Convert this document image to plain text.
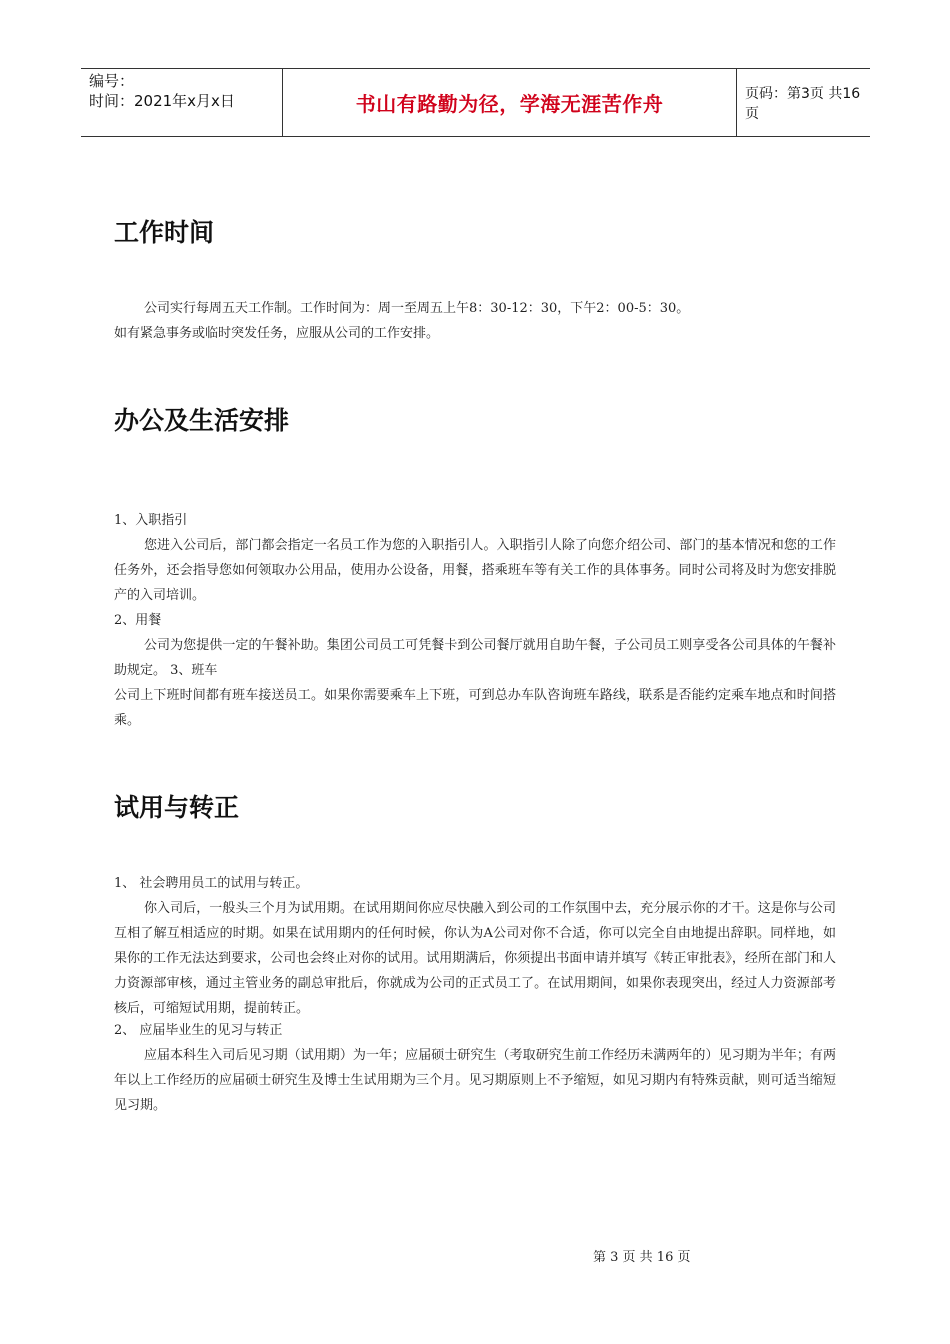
编号：
时间：2021年x月x日	书山有路勤为径，学海无涯苦作舟	页码：第3页 共16页
工作时间

公司实行每周五天工作制。工作时间为：周一至周五上午8：30-12：30，下午2：00-5：30。

如有紧急事务或临时突发任务，应服从公司的工作安排。

办公及生活安排

1、入职指引

您进入公司后，部门都会指定一名员工作为您的入职指引人。入职指引人除了向您介绍公司、部门的基本情况和您的工作任务外，还会指导您如何领取办公用品，使用办公设备，用餐，搭乘班车等有关工作的具体事务。同时公司将及时为您安排脱产的入司培训。

2、用餐

公司为您提供一定的午餐补助。集团公司员工可凭餐卡到公司餐厅就用自助午餐，子公司员工则享受各公司具体的午餐补助规定。 3、班车

公司上下班时间都有班车接送员工。如果你需要乘车上下班，可到总办车队咨询班车路线，联系是否能约定乘车地点和时间搭乘。

试用与转正

1、 社会聘用员工的试用与转正。

你入司后，一般头三个月为试用期。在试用期间你应尽快融入到公司的工作氛围中去，充分展示你的才干。这是你与公司互相了解互相适应的时期。如果在试用期内的任何时候，你认为A公司对你不合适，你可以完全自由地提出辞职。同样地，如果你的工作无法达到要求，公司也会终止对你的试用。试用期满后，你须提出书面申请并填写《转正审批表》，经所在部门和人力资源部审核，通过主管业务的副总审批后，你就成为公司的正式员工了。在试用期间，如果你表现突出，经过人力资源部考核后，可缩短试用期，提前转正。

2、 应届毕业生的见习与转正

应届本科生入司后见习期（试用期）为一年；应届硕士研究生（考取研究生前工作经历未满两年的）见习期为半年；有两年以上工作经历的应届硕士研究生及博士生试用期为三个月。见习期原则上不予缩短，如见习期内有特殊贡献，则可适当缩短见习期。

第 3 页 共 16 页
